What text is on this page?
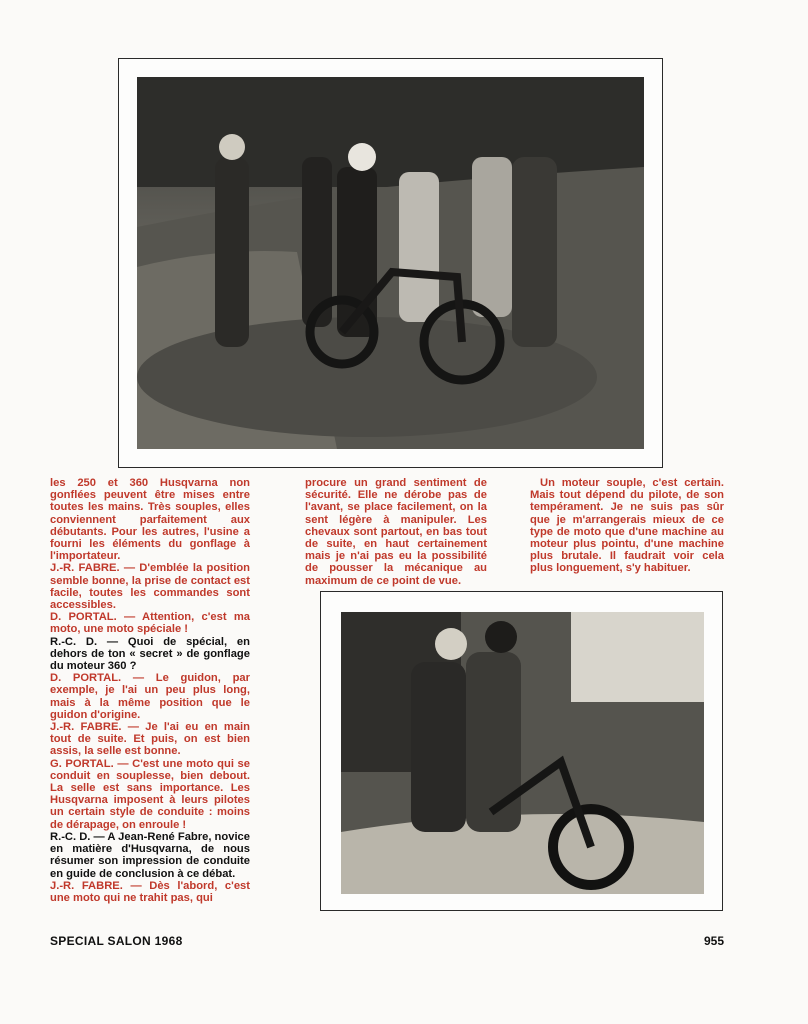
les 250 et 360 Husqvarna non gonflées peuvent être mises entre toutes les mains. Très souples, elles conviennent parfaitement aux débutants. Pour les autres, l'usine a fourni les éléments du gonflage à l'importateur.

J.-R. FABRE. — D'emblée la position semble bonne, la prise de contact est facile, toutes les commandes sont accessibles.

D. PORTAL. — Attention, c'est ma moto, une moto spéciale !

R.-C. D. — Quoi de spécial, en dehors de ton « secret » de gonflage du moteur 360 ?

D. PORTAL. — Le guidon, par exemple, je l'ai un peu plus long, mais à la même position que le guidon d'origine.

J.-R. FABRE. — Je l'ai eu en main tout de suite. Et puis, on est bien assis, la selle est bonne.

G. PORTAL. — C'est une moto qui se conduit en souplesse, bien debout. La selle est sans importance. Les Husqvarna imposent à leurs pilotes un certain style de conduite : moins de dérapage, on enroule !

R.-C. D. — A Jean-René Fabre, novice en matière d'Husqvarna, de nous résumer son impression de conduite en guide de conclusion à ce débat.

J.-R. FABRE. — Dès l'abord, c'est une moto qui ne trahit pas, qui

procure un grand sentiment de sécurité. Elle ne dérobe pas de l'avant, se place facilement, on la sent légère à manipuler. Les chevaux sont partout, en bas tout de suite, en haut certainement mais je n'ai pas eu la possibilité de pousser la mécanique au maximum de ce point de vue.

Un moteur souple, c'est certain. Mais tout dépend du pilote, de son tempérament. Je ne suis pas sûr que je m'arrangerais mieux de ce type de moto que d'une machine au moteur plus pointu, d'une machine plus brutale. Il faudrait voir cela plus longuement, s'y habituer.

SPECIAL SALON 1968	955
